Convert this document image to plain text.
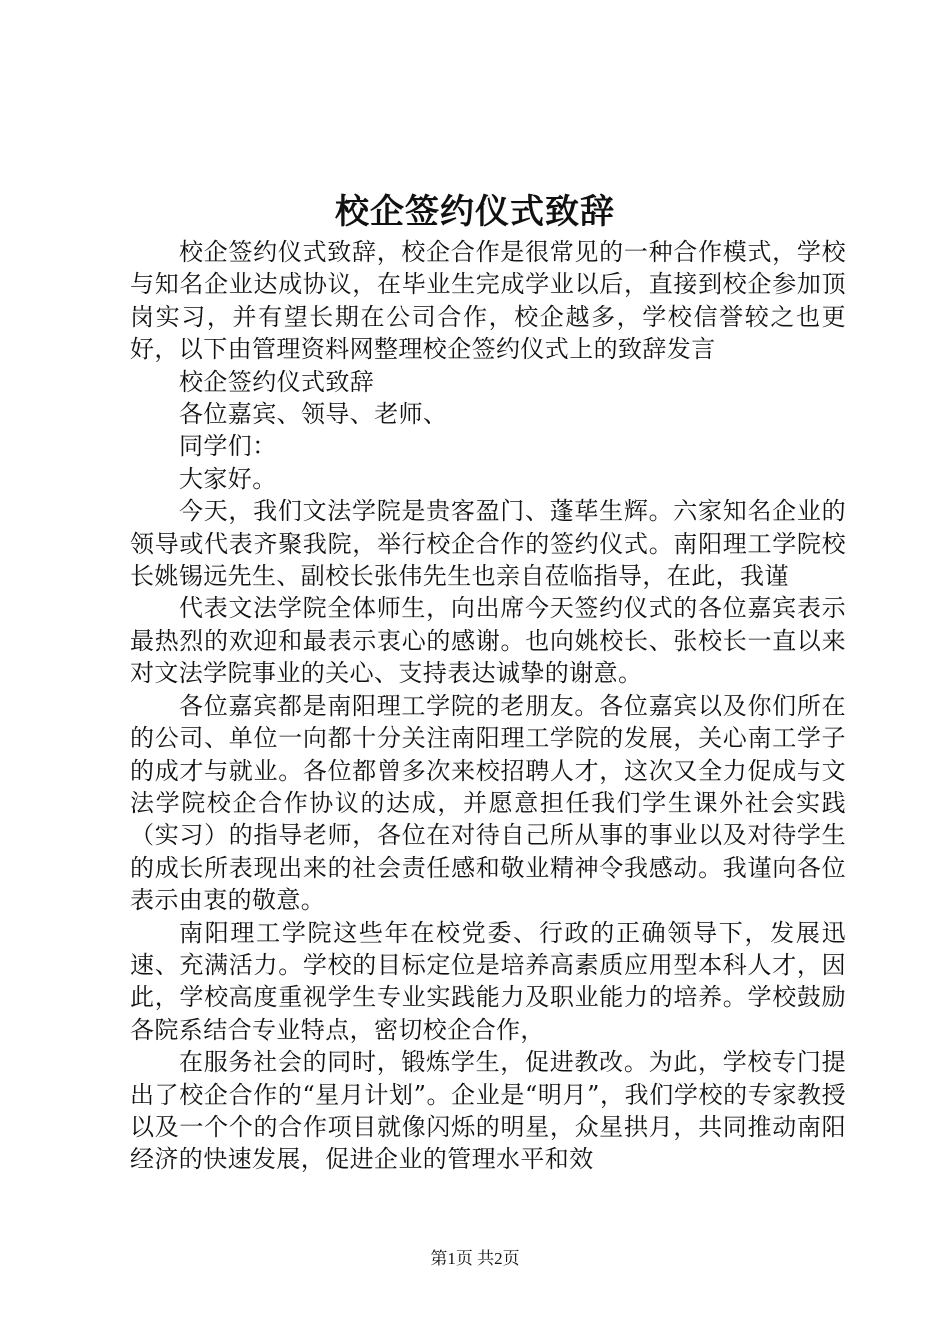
校企签约仪式致辞

校企签约仪式致辞，校企合作是很常见的一种合作模式，学校与知名企业达成协议，在毕业生完成学业以后，直接到校企参加顶岗实习，并有望长期在公司合作，校企越多，学校信誉较之也更好，以下由管理资料网整理校企签约仪式上的致辞发言

校企签约仪式致辞

各位嘉宾、领导、老师、

同学们：

大家好。

今天，我们文法学院是贵客盈门、蓬荜生辉。六家知名企业的领导或代表齐聚我院，举行校企合作的签约仪式。南阳理工学院校长姚锡远先生、副校长张伟先生也亲自莅临指导，在此，我谨

代表文法学院全体师生，向出席今天签约仪式的各位嘉宾表示最热烈的欢迎和最表示衷心的感谢。也向姚校长、张校长一直以来对文法学院事业的关心、支持表达诚挚的谢意。

各位嘉宾都是南阳理工学院的老朋友。各位嘉宾以及你们所在的公司、单位一向都十分关注南阳理工学院的发展，关心南工学子的成才与就业。各位都曾多次来校招聘人才，这次又全力促成与文法学院校企合作协议的达成，并愿意担任我们学生课外社会实践（实习）的指导老师，各位在对待自己所从事的事业以及对待学生的成长所表现出来的社会责任感和敬业精神令我感动。我谨向各位表示由衷的敬意。

南阳理工学院这些年在校党委、行政的正确领导下，发展迅速、充满活力。学校的目标定位是培养高素质应用型本科人才，因此，学校高度重视学生专业实践能力及职业能力的培养。学校鼓励各院系结合专业特点，密切校企合作，

在服务社会的同时，锻炼学生，促进教改。为此，学校专门提出了校企合作的“星月计划”。企业是“明月”，我们学校的专家教授以及一个个的合作项目就像闪烁的明星，众星拱月，共同推动南阳经济的快速发展，促进企业的管理水平和效

第1页 共2页
